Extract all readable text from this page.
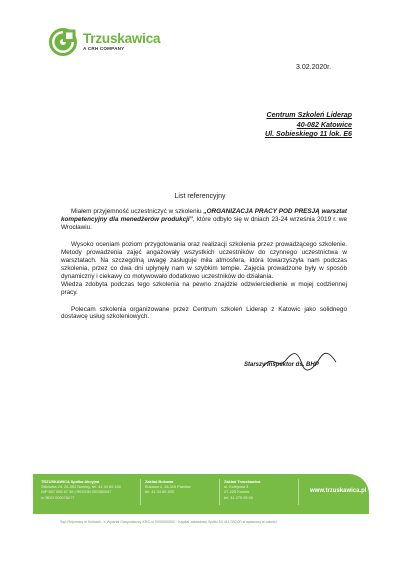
Trzuskawica
A CRH COMPANY
3.02.2020r.
Centrum Szkoleń Liderap
40-082 Katowice
Ul. Sobieskiego 11 lok. E6
List referencyjny
Miałem przyjemność uczestniczyć w szkoleniu „ORGANIZACJA PRACY POD PRESJĄ warsztat kompetencyjny dla menedżerów produkcji”, które odbyło się w dniach 23-24 września 2019 r. we Wrocławiu.
Wysoko oceniam poziom przygotowania oraz realizacji szkolenia przez prowadzącego szkolenie. Metody prowadzenia zajęć angażowały wszystkich uczestników do czynnego uczestnictwa w warsztatach. Na szczególną uwagę zasługuje miła atmosfera, która towarzyszyła nam podczas szkolenia, przez co dwa dni upłynęły nam w szybkim tempie. Zajęcia prowadzone były w sposób dynamiczny i ciekawy co motywowało dodatkowo uczestników do działania.
Wiedza zdobyta podczas tego szkolenia na pewno znajdzie odzwierciedlenie w mojej codziennej pracy.
Polecam szkolenia organizowane przez Centrum szkoleń Liderap z Katowic jako solidnego dostawcę usług szkoleniowych.
Starszy Inspektor ds. BHP
TRZUSKAWICA Spółka Akcyjna
Sitkówka 24, 26-052 Nowiny, tel. 41 34 60 100
NIP 657 008 67 30 | REGON 000380047
nr BDO 000076277
Zakład Bukowa
Bukowa 1, 26-115 Pawłów
tel. 41 34 60 400
Zakład Trzuskawica
ul. Kolejowa 3
27-225 Kunów
tel. 41 275 95 00
www.trzuskawica.pl
Sąd Rejonowy w Kielcach, X Wydział Gospodarczy KRS nr 0000000000 · Kapitał zakładowy Spółki 53 411 030,00 zł wpłacony w całości
